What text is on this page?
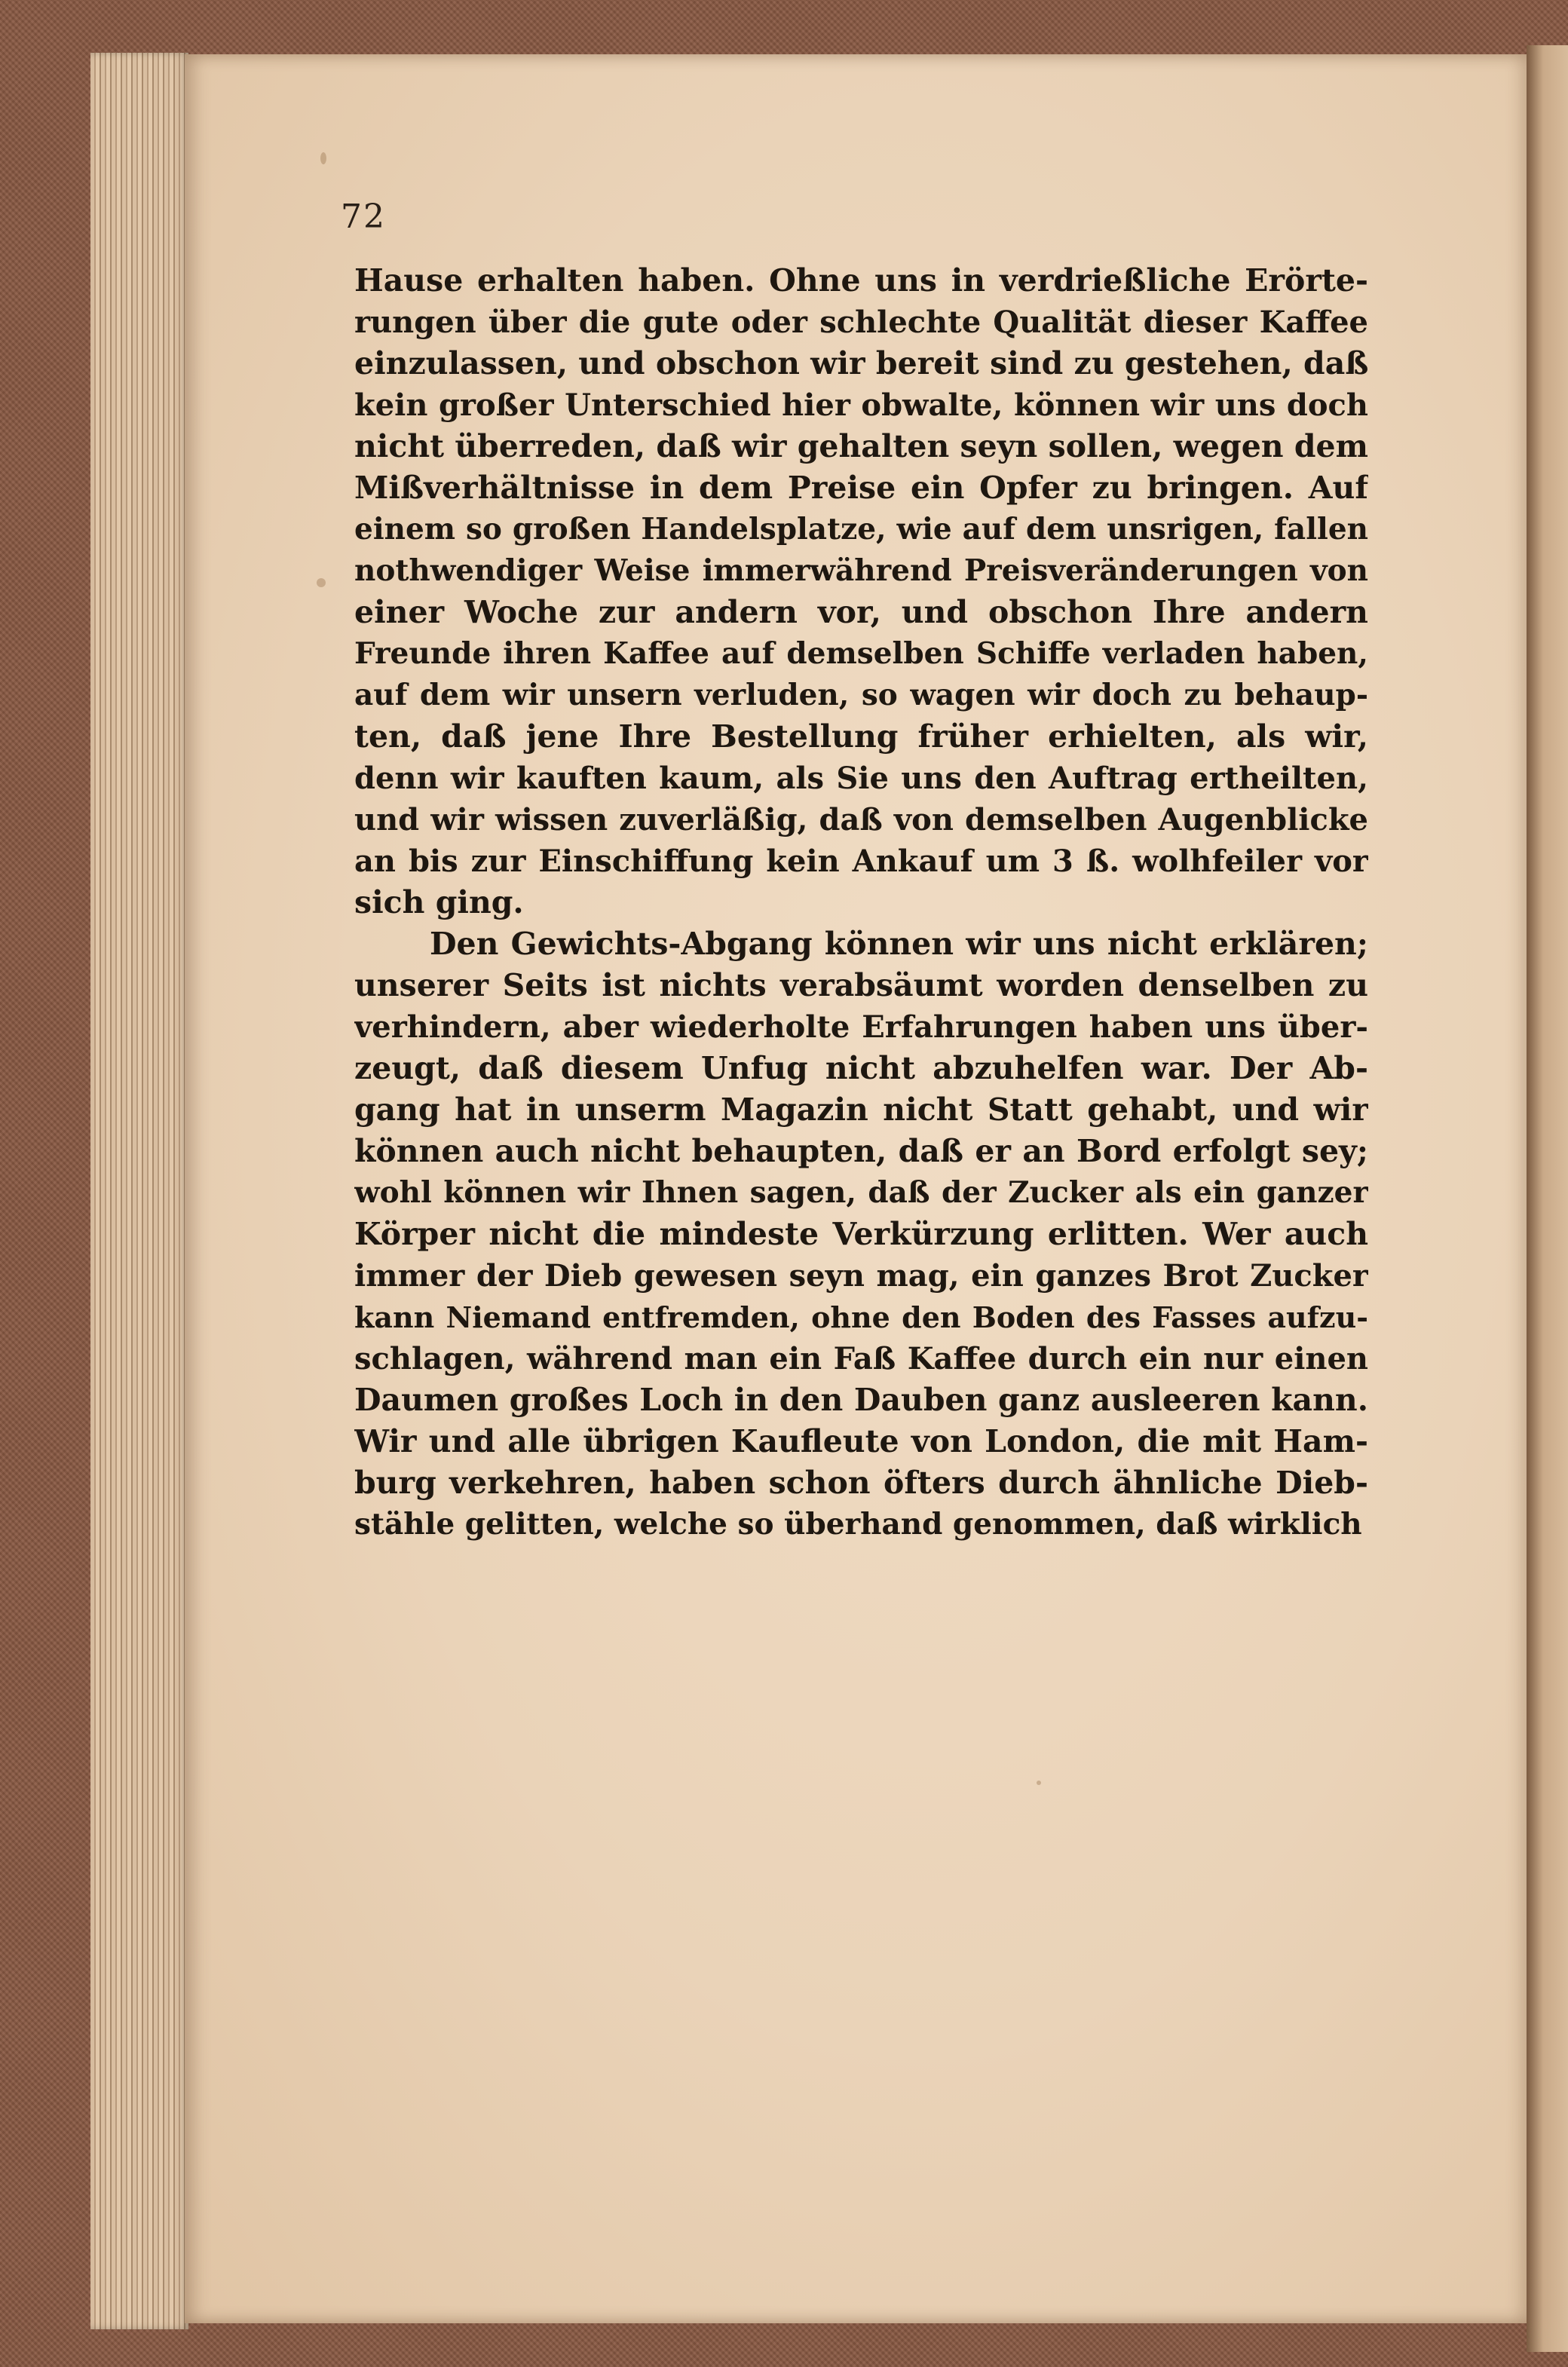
72
Hause erhalten haben. Ohne uns in verdrießliche Erörte-
rungen über die gute oder schlechte Qualität dieser Kaffee
einzulassen, und obschon wir bereit sind zu gestehen, daß
kein großer Unterschied hier obwalte, können wir uns doch
nicht überreden, daß wir gehalten seyn sollen, wegen dem
Mißverhältnisse in dem Preise ein Opfer zu bringen. Auf
einem so großen Handelsplatze, wie auf dem unsrigen, fallen
nothwendiger Weise immerwährend Preisveränderungen von
einer Woche zur andern vor, und obschon Ihre andern
Freunde ihren Kaffee auf demselben Schiffe verladen haben,
auf dem wir unsern verluden, so wagen wir doch zu behaup-
ten, daß jene Ihre Bestellung früher erhielten, als wir,
denn wir kauften kaum, als Sie uns den Auftrag ertheilten,
und wir wissen zuverläßig, daß von demselben Augenblicke
an bis zur Einschiffung kein Ankauf um 3 ß. wolhfeiler vor
sich ging.
Den Gewichts-Abgang können wir uns nicht erklären;
unserer Seits ist nichts verabsäumt worden denselben zu
verhindern, aber wiederholte Erfahrungen haben uns über-
zeugt, daß diesem Unfug nicht abzuhelfen war. Der Ab-
gang hat in unserm Magazin nicht Statt gehabt, und wir
können auch nicht behaupten, daß er an Bord erfolgt sey;
wohl können wir Ihnen sagen, daß der Zucker als ein ganzer
Körper nicht die mindeste Verkürzung erlitten. Wer auch
immer der Dieb gewesen seyn mag, ein ganzes Brot Zucker
kann Niemand entfremden, ohne den Boden des Fasses aufzu-
schlagen, während man ein Faß Kaffee durch ein nur einen
Daumen großes Loch in den Dauben ganz ausleeren kann.
Wir und alle übrigen Kaufleute von London, die mit Ham-
burg verkehren, haben schon öfters durch ähnliche Dieb-
stähle gelitten, welche so überhand genommen, daß wirklich
